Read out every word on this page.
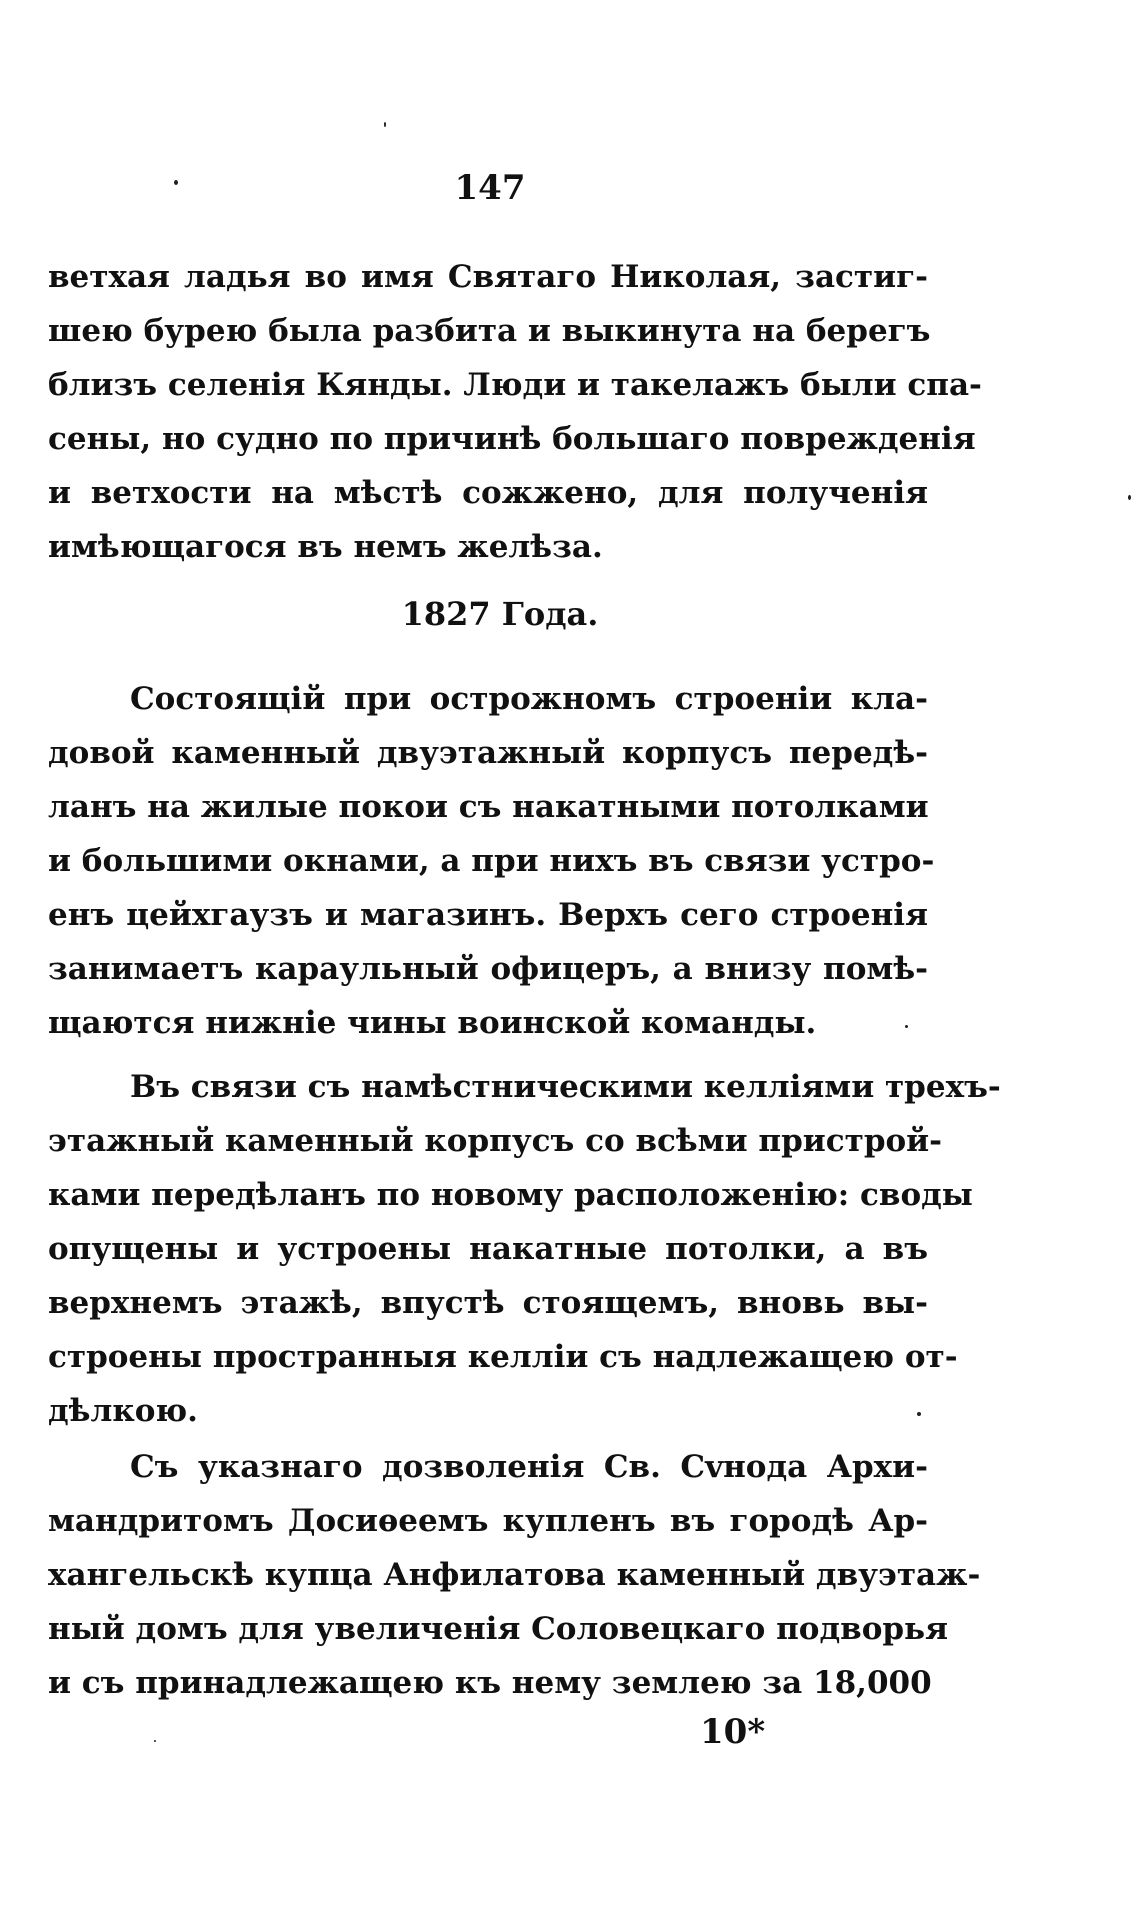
147
ветхая ладья во имя Святаго Николая, застиг-
шею бурею была разбита и выкинута на берегъ
близъ селенія Кянды. Люди и такелажъ были спа-
сены, но судно по причинѣ большаго поврежденія
и ветхости на мѣстѣ сожжено, для полученія
имѣющагося въ немъ желѣза.
1827 Года.
Состоящій при острожномъ строеніи кла-
довой каменный двуэтажный корпусъ передѣ-
ланъ на жилые покои съ накатными потолками
и большими окнами, а при нихъ въ связи устро-
енъ цейхгаузъ и магазинъ. Верхъ сего строенія
занимаетъ караульный офицеръ, а внизу помѣ-
щаются нижніе чины воинской команды.
Въ связи съ намѣстническими келліями трехъ-
этажный каменный корпусъ со всѣми пристрой-
ками передѣланъ по новому расположенію: своды
опущены и устроены накатные потолки, а въ
верхнемъ этажѣ, впустѣ стоящемъ, вновь вы-
строены пространныя келліи съ надлежащею от-
дѣлкою.
Съ указнаго дозволенія Св. Сvнода Архи-
мандритомъ Досиѳеемъ купленъ въ городѣ Ар-
хангельскѣ купца Анфилатова каменный двуэтаж-
ный домъ для увеличенія Соловецкаго подворья
и съ принадлежащею къ нему землею за 18,000
10*
